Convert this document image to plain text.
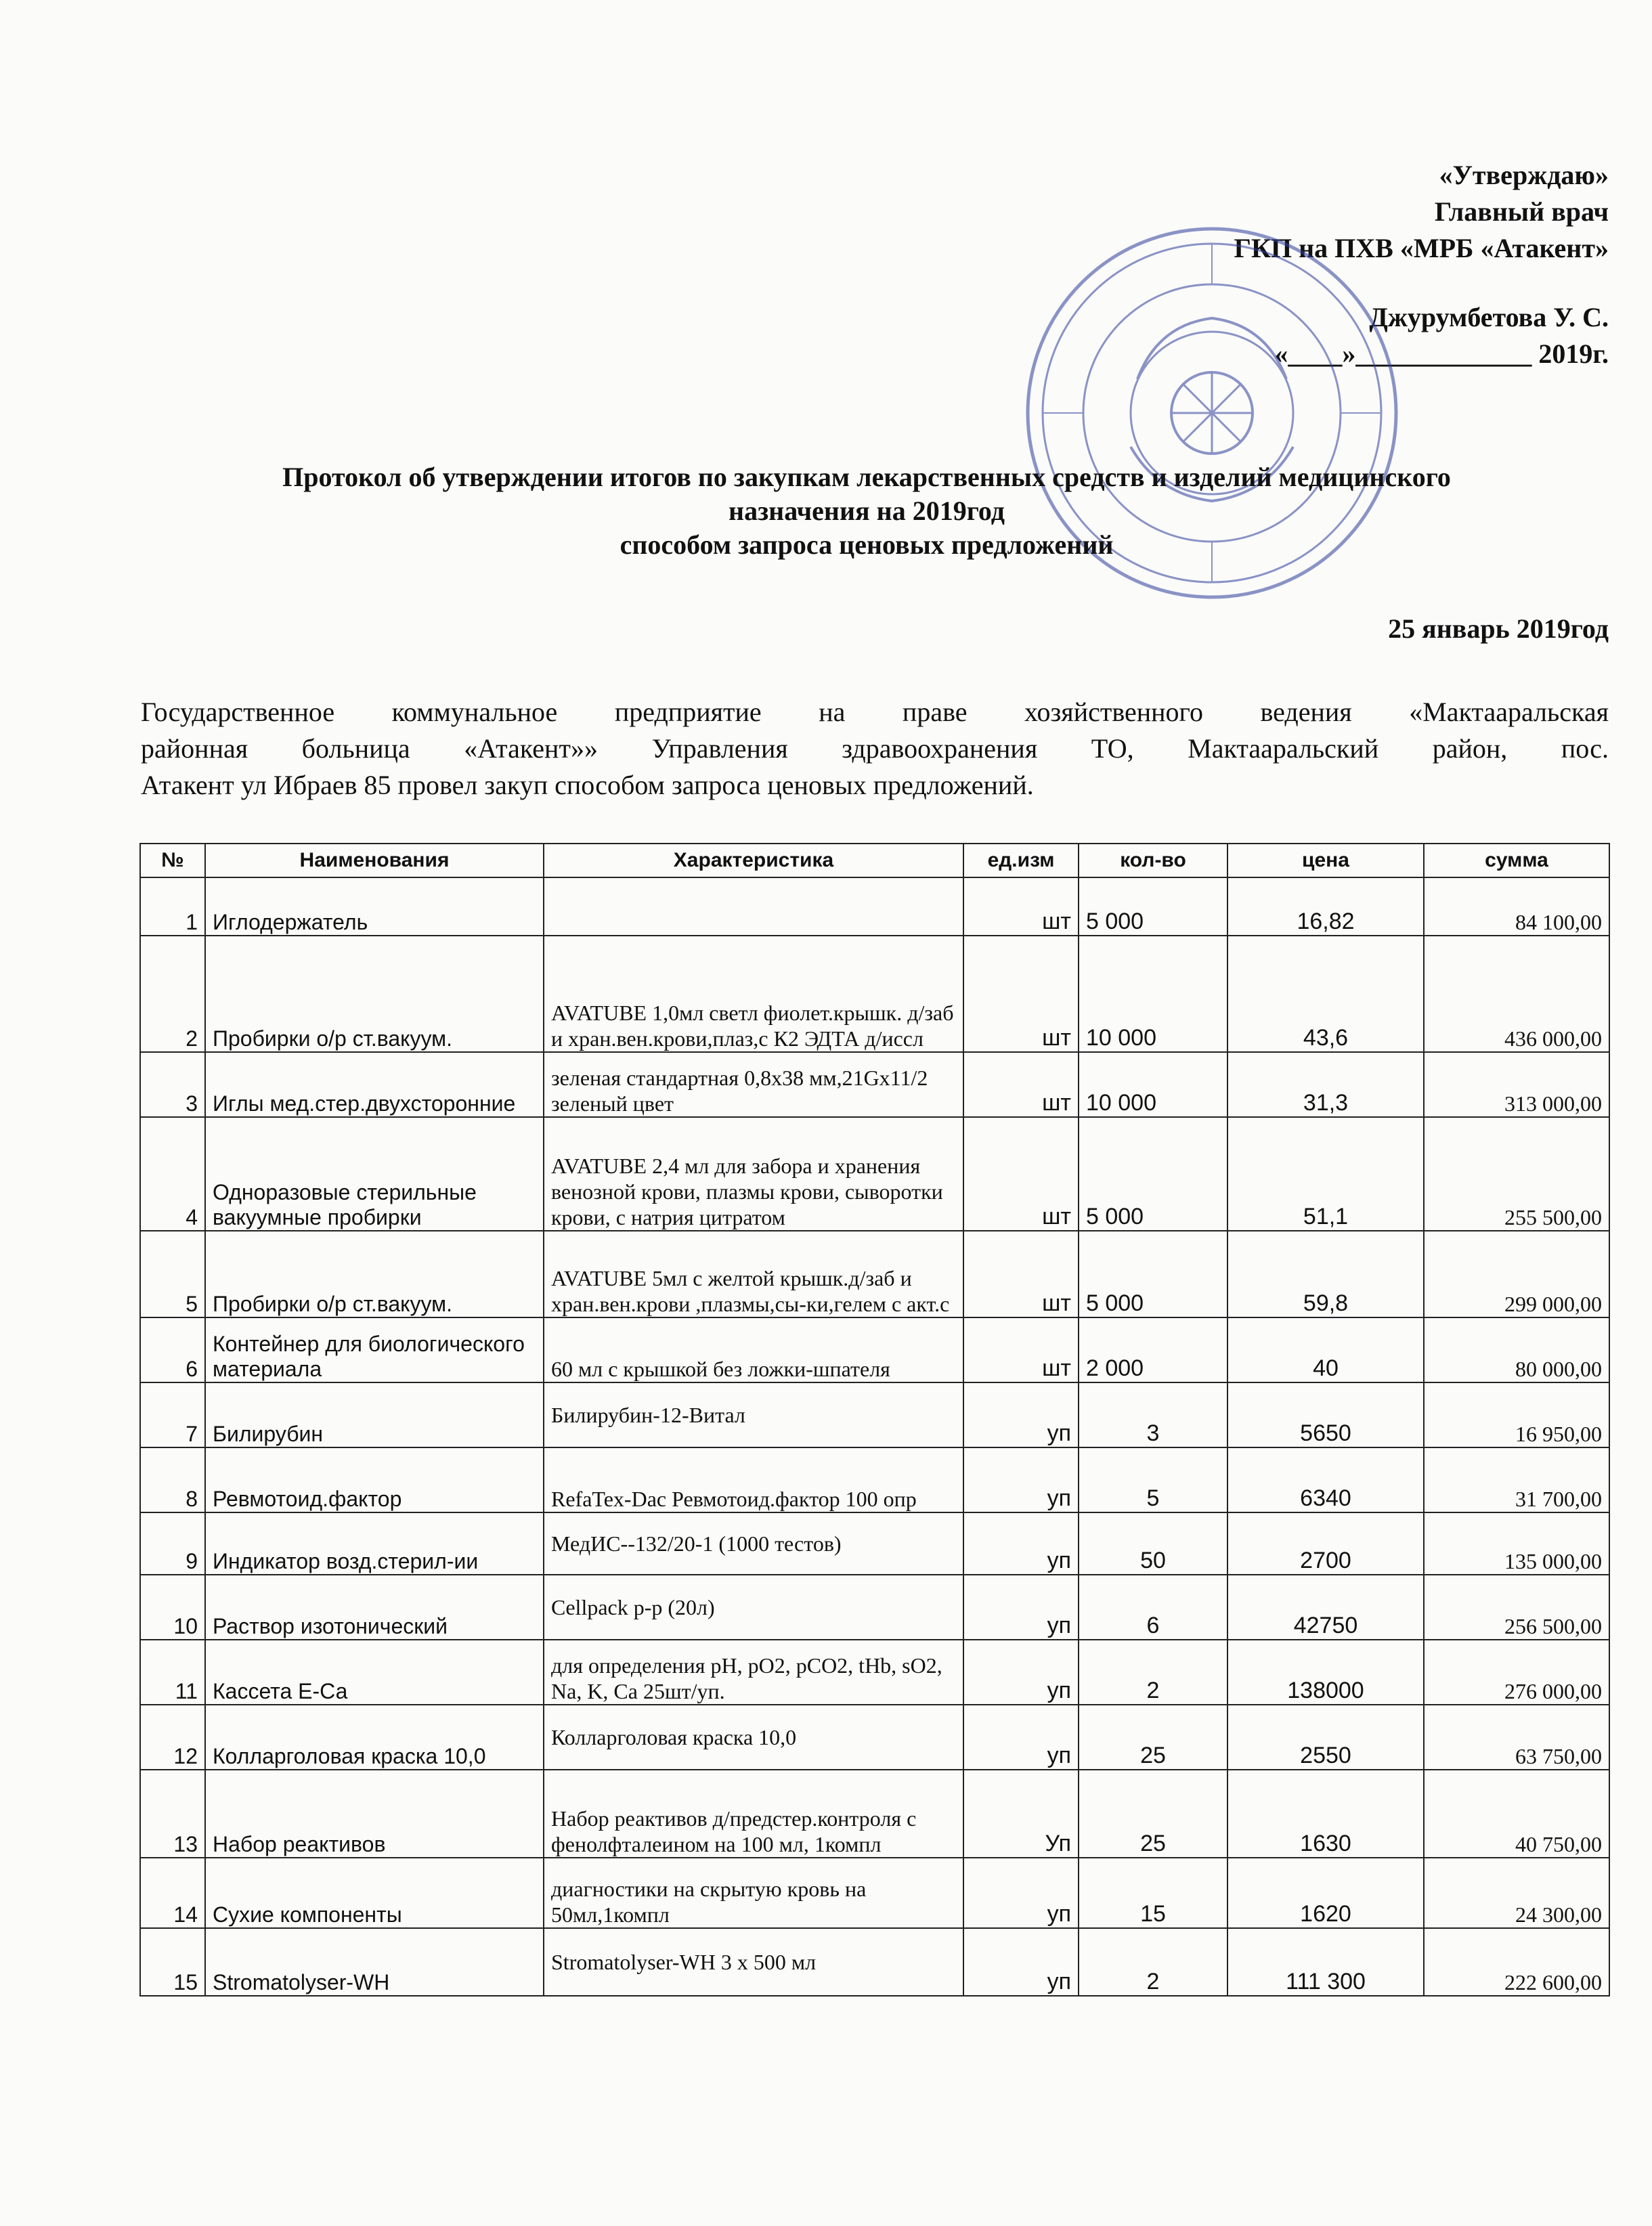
«Утверждаю»
Главный врач
ГКП на ПХВ «МРБ «Атакент»
Джурумбетова У. С.
«____»_____________ 2019г.
Протокол об утверждении итогов по закупкам лекарственных средств и изделий медицинского
назначения на 2019год
способом запроса ценовых предложений
25 январь 2019год
Государственное коммунальное предприятие на праве хозяйственного ведения «Мактааральская
районная больница «Атакент»» Управления здравоохранения ТО, Мактааральский район, пос.
Атакент ул Ибраев 85 провел закуп способом запроса ценовых предложений.
№	Наименования	Характеристика	ед.изм	кол-во	цена	сумма
1	Иглодержатель		шт	5 000	16,82	84 100,00
2	Пробирки о/р ст.вакуум.	AVATUBE 1,0мл светл фиолет.крышк. д/заб и хран.вен.крови,плаз,с К2 ЭДТА д/иссл	шт	10 000	43,6	436 000,00
3	Иглы мед.стер.двухсторонние	зеленая стандартная 0,8х38 мм,21Gx11/2 зеленый цвет	шт	10 000	31,3	313 000,00
4	Одноразовые стерильные вакуумные пробирки	AVATUBE 2,4 мл для забора и хранения венозной крови, плазмы крови, сыворотки крови, с натрия цитратом	шт	5 000	51,1	255 500,00
5	Пробирки о/р ст.вакуум.	AVATUBE 5мл с желтой крышк.д/заб и хран.вен.крови ,плазмы,сы-ки,гелем с акт.с	шт	5 000	59,8	299 000,00
6	Контейнер для биологического материала	60 мл с крышкой без ложки-шпателя	шт	2 000	40	80 000,00
7	Билирубин	Билирубин-12-Витал	уп	3	5650	16 950,00
8	Ревмотоид.фактор	RefaTex-Dac Ревмотоид.фактор 100 опр	уп	5	6340	31 700,00
9	Индикатор возд.стерил-ии	МедИС--132/20-1 (1000 тестов)	уп	50	2700	135 000,00
10	Раствор изотонический	Cellpack р-р (20л)	уп	6	42750	256 500,00
11	Кассета Е-Са	для определения pH, pO2, pCO2, tHb, sO2, Na, K, Ca 25шт/уп.	уп	2	138000	276 000,00
12	Колларголовая краска 10,0	Колларголовая краска 10,0	уп	25	2550	63 750,00
13	Набор реактивов	Набор реактивов д/предстер.контроля с фенолфталеином на 100 мл, 1компл	Уп	25	1630	40 750,00
14	Сухие компоненты	диагностики на скрытую кровь на 50мл,1компл	уп	15	1620	24 300,00
15	Stromatolyser-WH	Stromatolyser-WH 3 х 500 мл	уп	2	111 300	222 600,00
